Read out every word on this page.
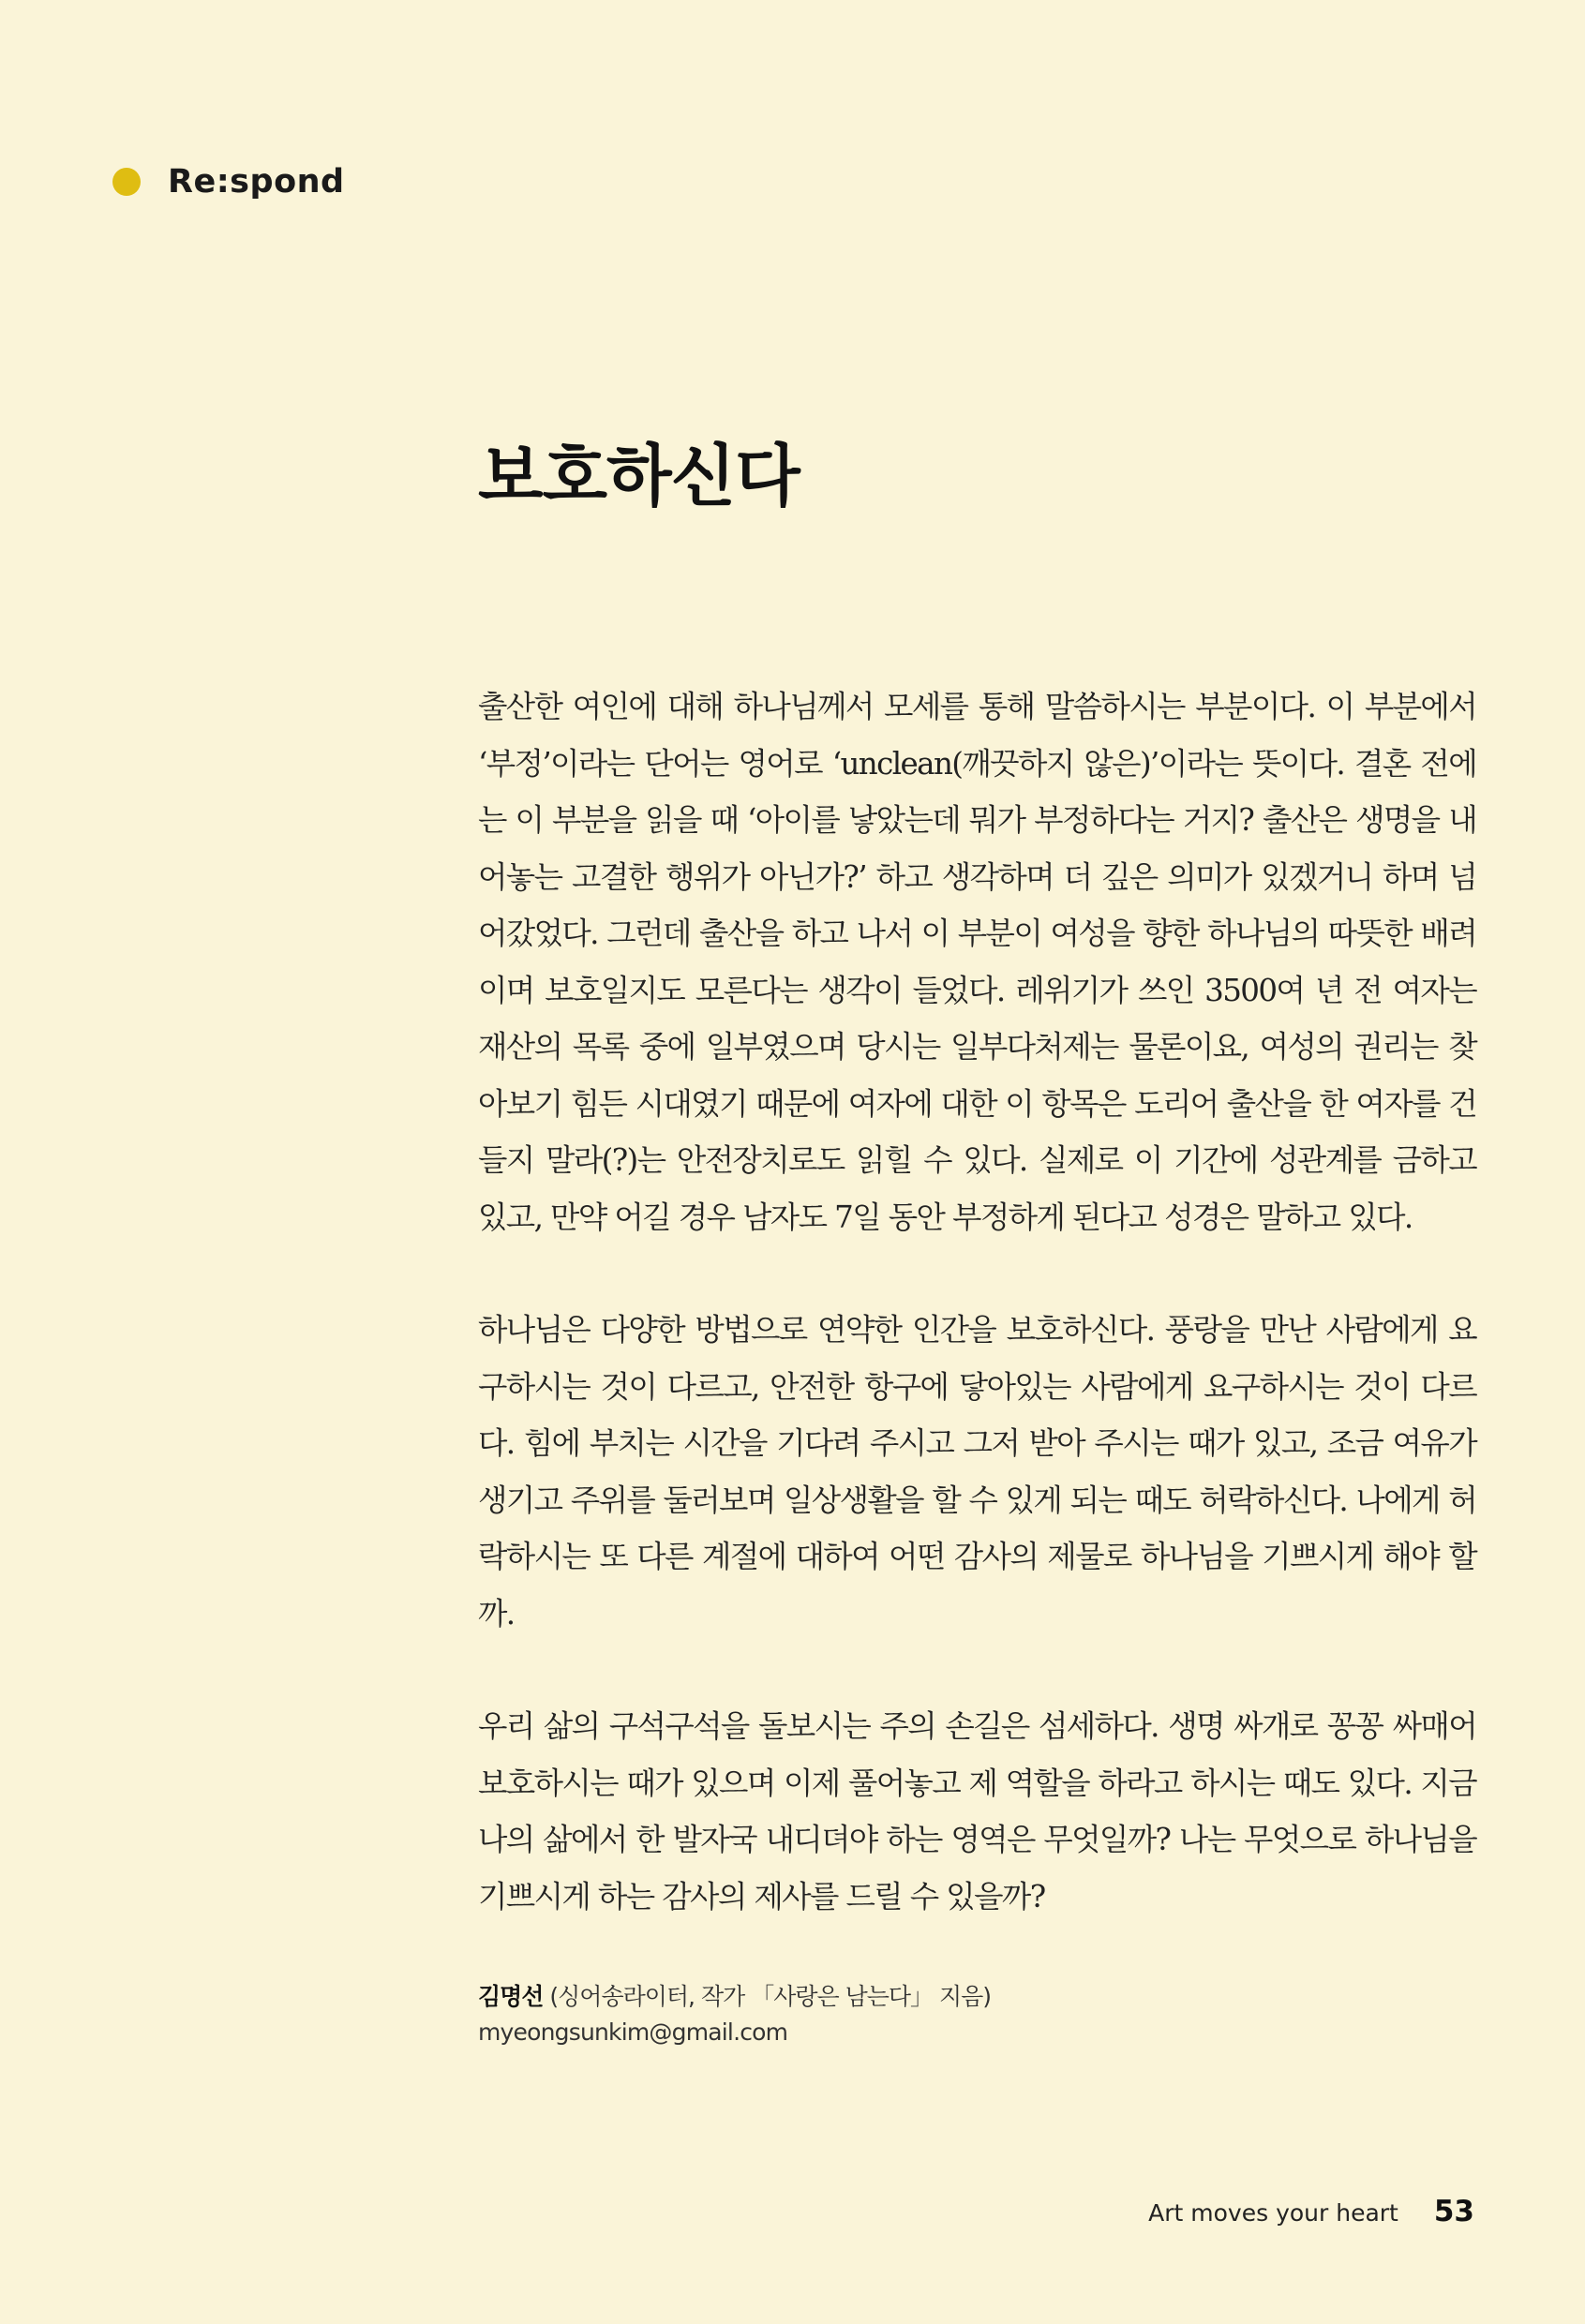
Re:spond
보호하신다

출산한 여인에 대해 하나님께서 모세를 통해 말씀하시는 부분이다. 이 부분에서 ‘부정’이라는 단어는 영어로 ‘unclean(깨끗하지 않은)’이라는 뜻이다. 결혼 전에는 이 부분을 읽을 때 ‘아이를 낳았는데 뭐가 부정하다는 거지? 출산은 생명을 내어놓는 고결한 행위가 아닌가?’ 하고 생각하며 더 깊은 의미가 있겠거니 하며 넘어갔었다. 그런데 출산을 하고 나서 이 부분이 여성을 향한 하나님의 따뜻한 배려이며 보호일지도 모른다는 생각이 들었다. 레위기가 쓰인 3500여 년 전 여자는 재산의 목록 중에 일부였으며 당시는 일부다처제는 물론이요, 여성의 권리는 찾아보기 힘든 시대였기 때문에 여자에 대한 이 항목은 도리어 출산을 한 여자를 건들지 말라(?)는 안전장치로도 읽힐 수 있다. 실제로 이 기간에 성관계를 금하고 있고, 만약 어길 경우 남자도 7일 동안 부정하게 된다고 성경은 말하고 있다.

하나님은 다양한 방법으로 연약한 인간을 보호하신다. 풍랑을 만난 사람에게 요구하시는 것이 다르고, 안전한 항구에 닿아있는 사람에게 요구하시는 것이 다르다. 힘에 부치는 시간을 기다려 주시고 그저 받아 주시는 때가 있고, 조금 여유가 생기고 주위를 둘러보며 일상생활을 할 수 있게 되는 때도 허락하신다. 나에게 허락하시는 또 다른 계절에 대하여 어떤 감사의 제물로 하나님을 기쁘시게 해야 할까.

우리 삶의 구석구석을 돌보시는 주의 손길은 섬세하다. 생명 싸개로 꽁꽁 싸매어 보호하시는 때가 있으며 이제 풀어놓고 제 역할을 하라고 하시는 때도 있다. 지금 나의 삶에서 한 발자국 내디뎌야 하는 영역은 무엇일까? 나는 무엇으로 하나님을 기쁘시게 하는 감사의 제사를 드릴 수 있을까?

김명선 (싱어송라이터, 작가 「사랑은 남는다」 지음)
myeongsunkim@gmail.com
Art moves your heart 53
